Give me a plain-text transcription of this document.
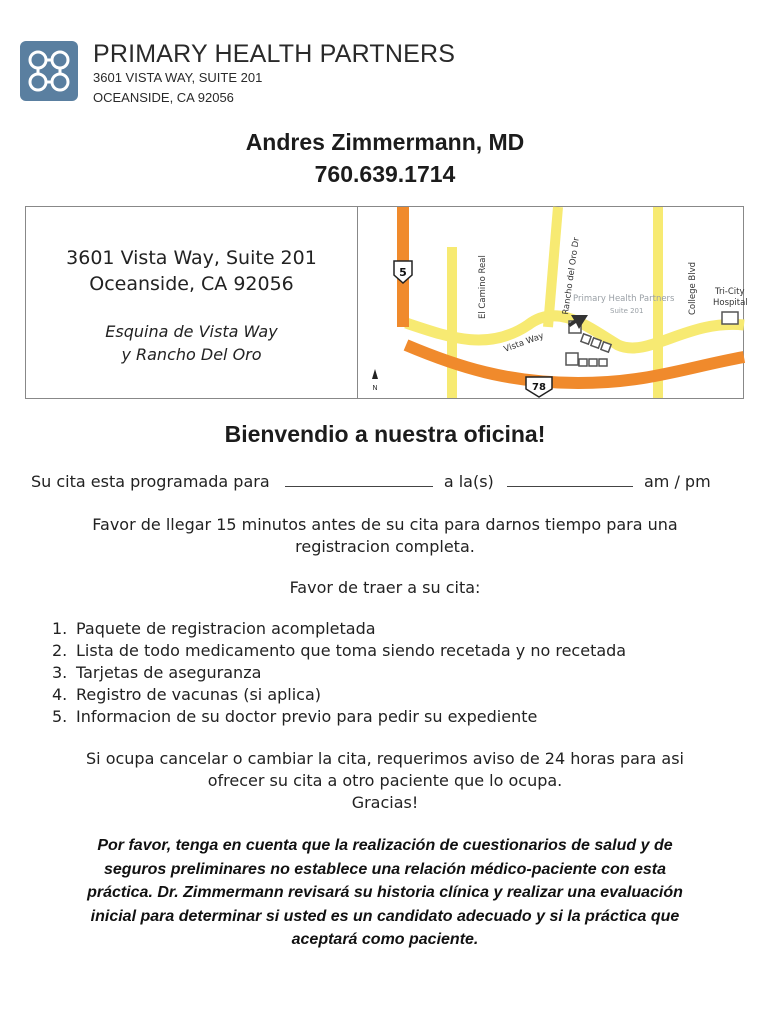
PRIMARY HEALTH PARTNERS
3601 VISTA WAY, SUITE 201
OCEANSIDE, CA 92056
Andres Zimmermann, MD
760.639.1714
3601 Vista Way, Suite 201
Oceanside, CA 92056
Esquina de Vista Way
y Rancho Del Oro
5
78
El Camino Real	Rancho del Oro Dr	College Blvd
Vista Way
Primary Health Partners
Suite 201
Tri-City
Hospital
N
Bienvendio a nuestra oficina!
Su cita esta programada para	a la(s)	am / pm
Favor de llegar 15 minutos antes de su cita para darnos tiempo para una
registracion completa.
Favor de traer a su cita:
1. Paquete de registracion acompletada
2. Lista de todo medicamento que toma siendo recetada y no recetada
3. Tarjetas de aseguranza
4. Registro de vacunas (si aplica)
5. Informacion de su doctor previo para pedir su expediente
Si ocupa cancelar o cambiar la cita, requerimos aviso de 24 horas para asi
ofrecer su cita a otro paciente que lo ocupa.
Gracias!
Por favor, tenga en cuenta que la realización de cuestionarios de salud y de
seguros preliminares no establece una relación médico-paciente con esta
práctica. Dr. Zimmermann revisará su historia clínica y realizar una evaluación
inicial para determinar si usted es un candidato adecuado y si la práctica que
aceptará como paciente.
